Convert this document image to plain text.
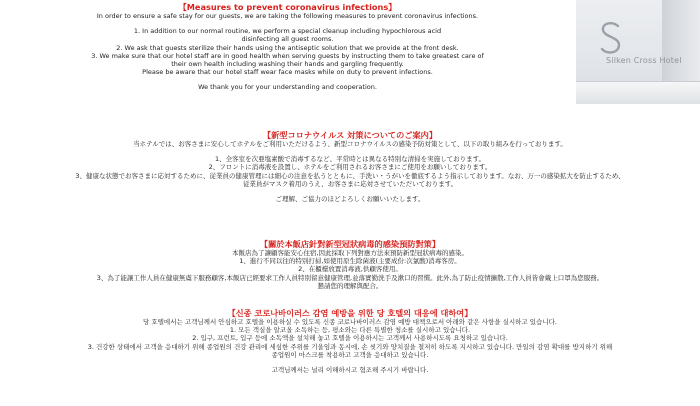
【Measures to prevent coronavirus infections】

In order to ensure a safe stay for our guests, we are taking the following measures to prevent coronavirus infections.

1. In addition to our normal routine, we perform a special cleanup including hypochlorous acid

disinfecting all guest rooms.

2. We ask that guests sterilize their hands using the antiseptic solution that we provide at the front desk.

3. We make sure that our hotel staff are in good health when serving guests by instructing them to take greatest care of

their own health including washing their hands and gargling frequently.

Please be aware that our hotel staff wear face masks while on duty to prevent infections.

We thank you for your understanding and cooperation.

Silken Cross Hotel

【新型コロナウイルス 対策についてのご案内】

当ホテルでは、お客さまに安心してホテルをご利用いただけるよう、新型コロナウイルスの感染予防対策として、以下の取り組みを行っております。

1、全客室を次亜塩素酸で消毒するなど、平常時とは異なる特別な清掃を実施しております。

2、フロントに消毒液を設置し、ホテルをご利用されるお客さまにご使用をお願いしております。

3、健康な状態でお客さまに応対するために、従業員の健康管理には細心の注意を払うとともに、手洗い・うがいを徹底するよう指示しております。なお、万一の感染拡大を防止するため、

従業員がマスク着用のうえ、お客さまに応対させていただいております。

ご理解、ご協力のほどよろしくお願いいたします。

【關於本飯店針對新型冠狀病毒的感染預防對策】

本飯店為了讓顧客能安心住宿,因此採取下列對應方法來預防新型冠狀病毒的感染。

1、進行不同以往的特別打掃,如使用原生除菌液(主要成份:次氯酸)消毒客房。

2、在櫃檯放置消毒液,供顧客使用。

3、為了能讓工作人員在健康無虞下服務顧客,本飯店已經要求工作人員特別留意健康管理,並落實勤洗手及漱口的習慣。此外,為了防止疫情擴散,工作人員皆會戴上口罩為您服務。

懇請您的理解與配合。

【신종 코로나바이러스 감염 예방을 위한 당 호텔의 대응에 대하여】

당 호텔에서는 고객님께서 안심하고 호텔을 이용하실 수 있도록 신종 코로나바이러스 감염 예방 대책으로서 아래와 같은 사항을 실시하고 있습니다.

1. 모든 객실을 알코올 소독하는 등, 평소와는 다른 특별한 청소를 실시하고 있습니다.

2. 입구, 프런트, 입구 등에 소독액을 설치해 놓고 호텔을 이용하시는 고객께서 사용하시도록 요청하고 있습니다.

3. 건강한 상태에서 고객을 응대하기 위해 종업원의 건강 관리에 세심한 주위를 기울임과 동시에, 손 씻기와 양치질을 철저히 하도록 지시하고 있습니다. 만일의 감염 확대를 방지하기 위해

종업원이 마스크를 착용하고 고객을 응대하고 있습니다.

고객님께서는 널리 이해하시고 협조해 주시기 바랍니다.
